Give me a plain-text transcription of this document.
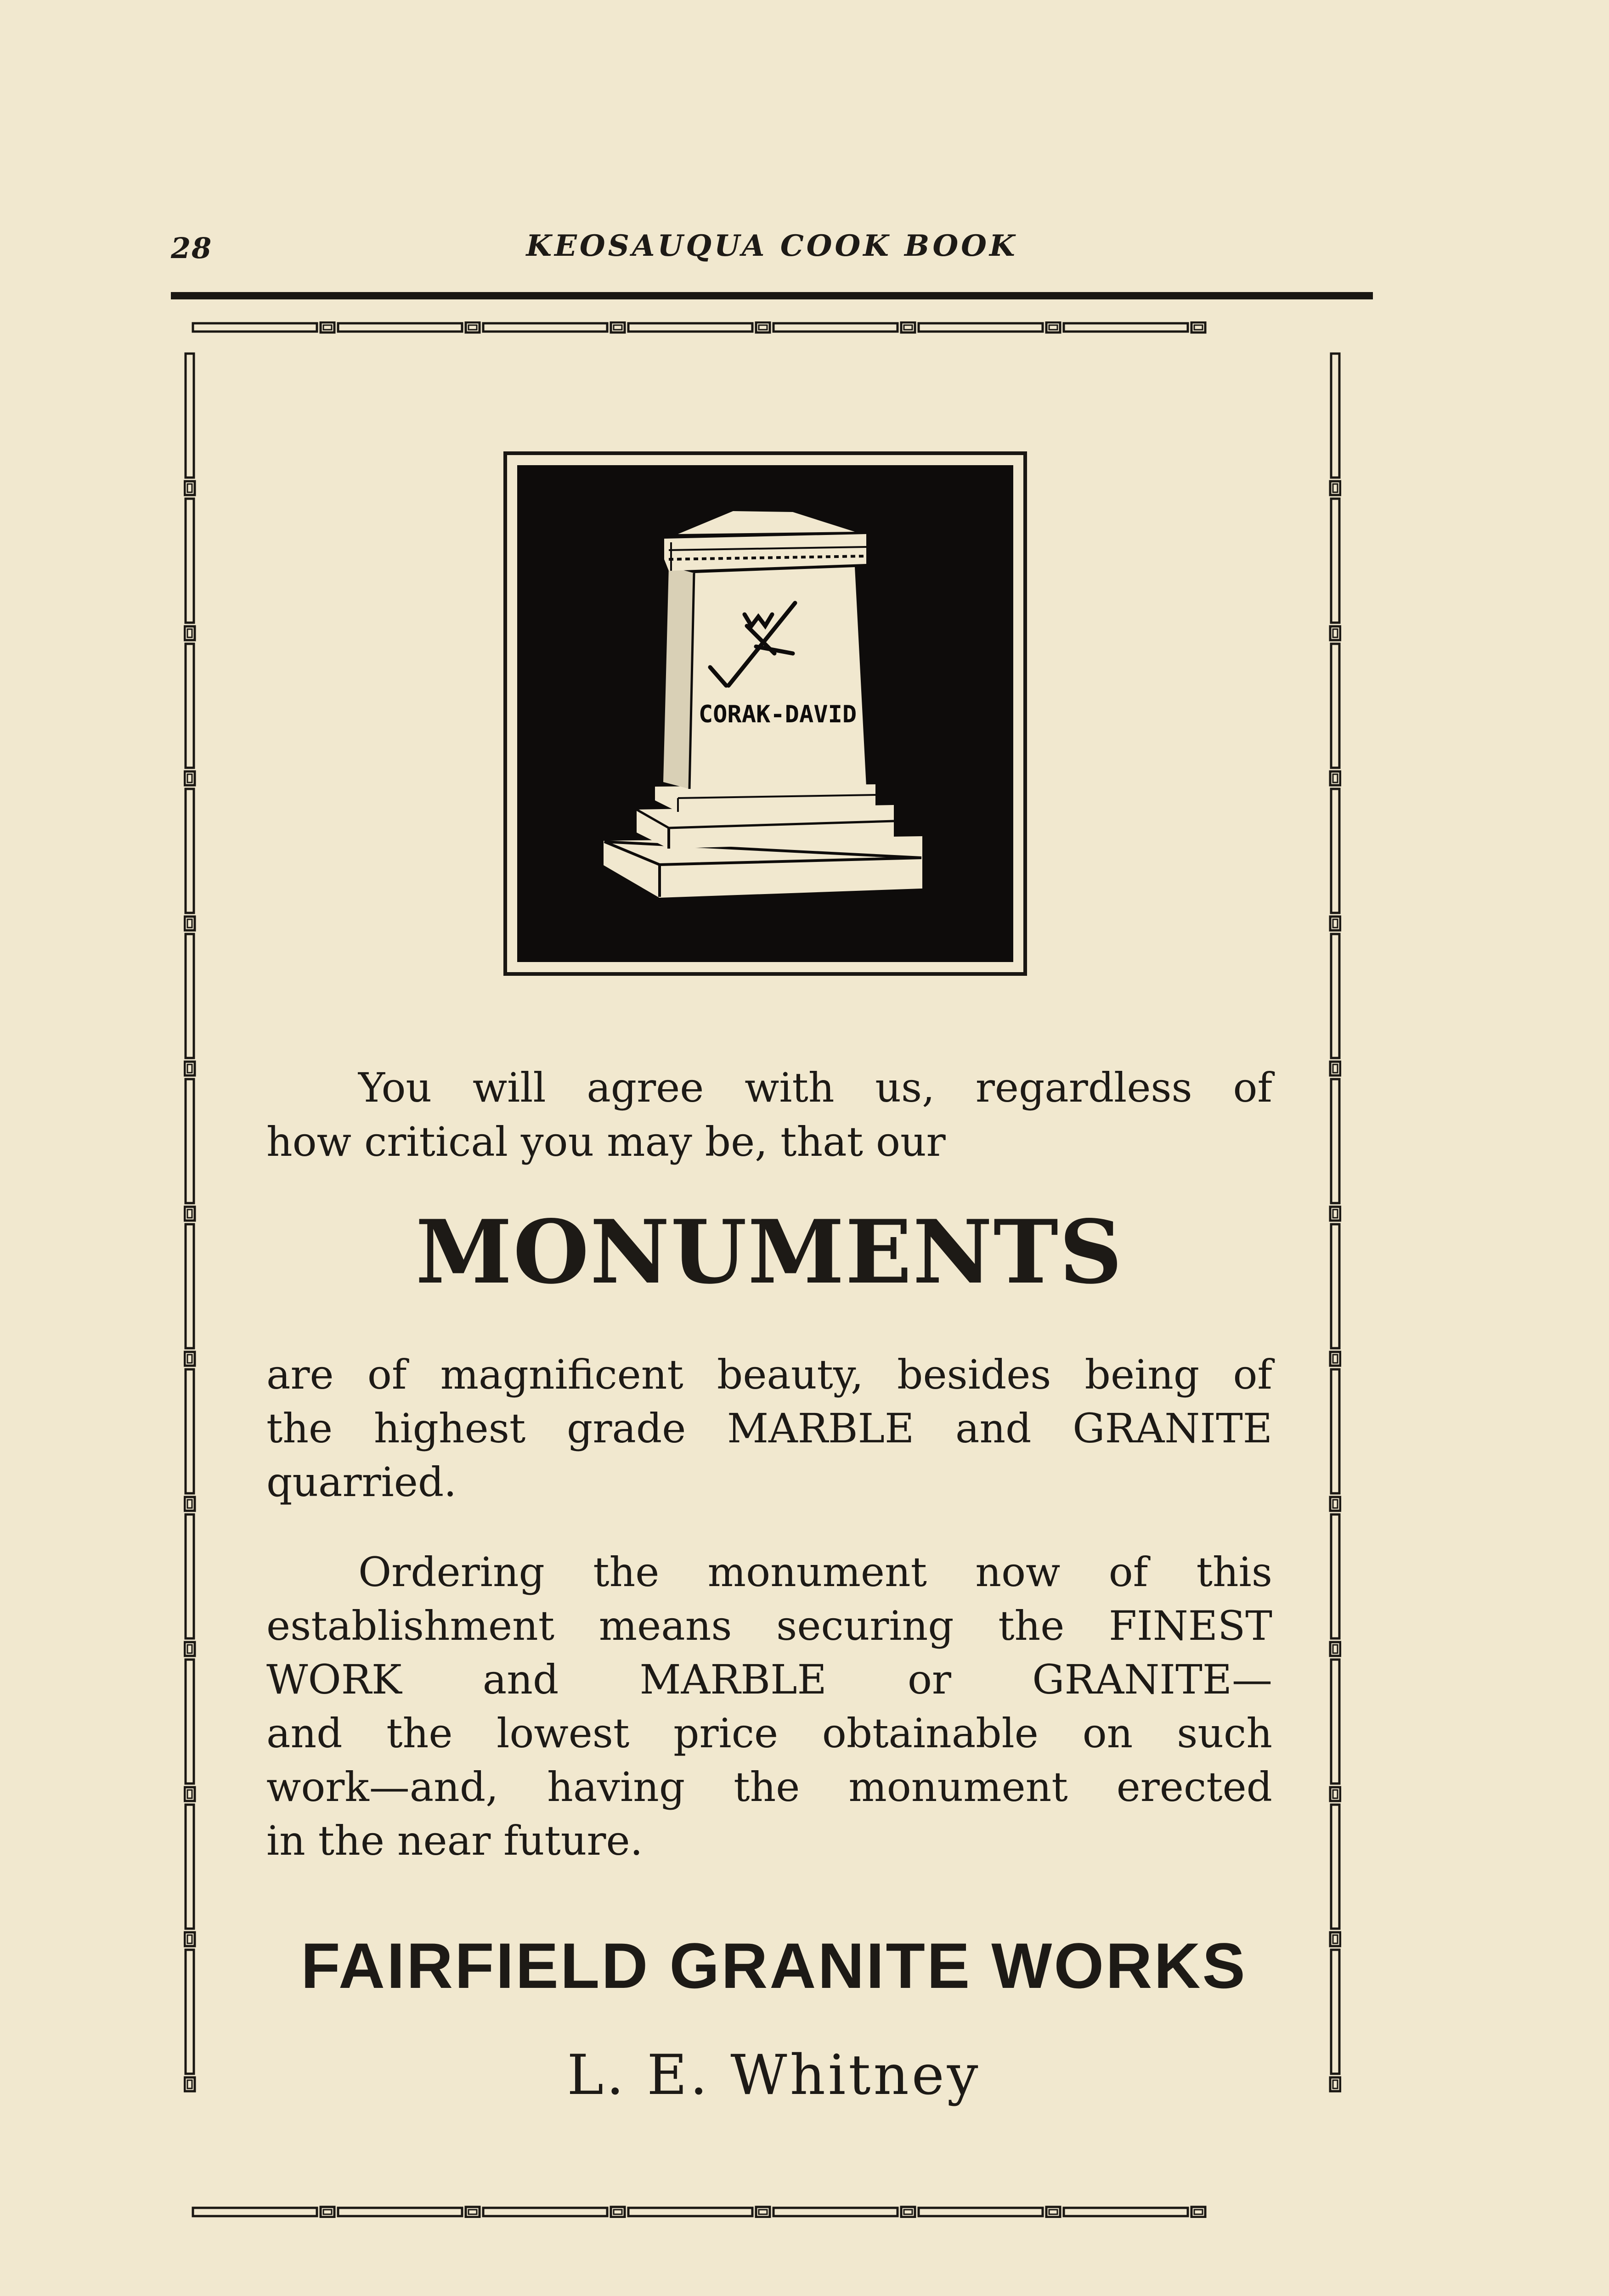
28	KEOSAUQUA COOK BOOK
CORAK-DAVID
You will agree with us, regardless of
how critical you may be, that our
MONUMENTS
are of magnificent beauty, besides being of
the highest grade MARBLE and GRANITE
quarried.
Ordering the monument now of this
establishment means securing the FINEST
WORK and MARBLE or GRANITE—
and the lowest price obtainable on such
work—and, having the monument erected
in the near future.
FAIRFIELD GRANITE WORKS
L. E. Whitney
